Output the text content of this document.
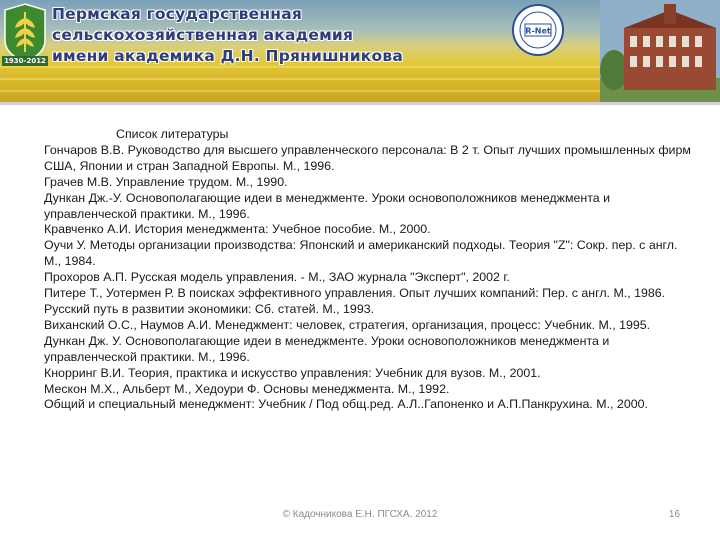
1930-2012
Пермская государственная
сельскохозяйственная академия
имени академика Д.Н. Прянишникова
R-Net
Список литературы

Гончаров В.В. Руководство для высшего управленческого персонала: В 2 т. Опыт лучших промышленных фирм США, Японии и стран Западной Европы. М., 1996.

Грачев М.В. Управление трудом. М., 1990.

Дункан Дж.-У. Основополагающие идеи в менеджменте. Уроки основоположников менеджмента и управленческой практики. М., 1996.

Кравченко А.И. История менеджмента: Учебное пособие. М., 2000.

Оучи У. Методы организации производства: Японский и американский подходы. Теория "Z": Сокр. пер. с англ. М., 1984.

Прохоров А.П. Русская модель управления. - М., ЗАО журнала "Эксперт", 2002 г.

Питере Т., Уотермен Р. В поисках эффективного управления. Опыт лучших компаний: Пер. с англ. М., 1986.

Русский путь в развитии экономики: Сб. статей. М., 1993.

Виханский О.С., Наумов А.И. Менеджмент: человек, стратегия, организация, процесс: Учебник. М., 1995.

Дункан Дж. У. Основополагающие идеи в менеджменте. Уроки основоположников менеджмента и управленческой практики. М., 1996.

Кнорринг В.И. Теория, практика и искусство управления: Учебник для вузов. М., 2001.

Мескон М.Х., Альберт М., Хедоури Ф. Основы менеджмента. М., 1992.

Общий и специальный менеджмент: Учебник / Под общ.ред. А.Л..Гапоненко и А.П.Панкрухина. М., 2000.

© Кадочникова Е.Н. ПГСХА. 2012	16
